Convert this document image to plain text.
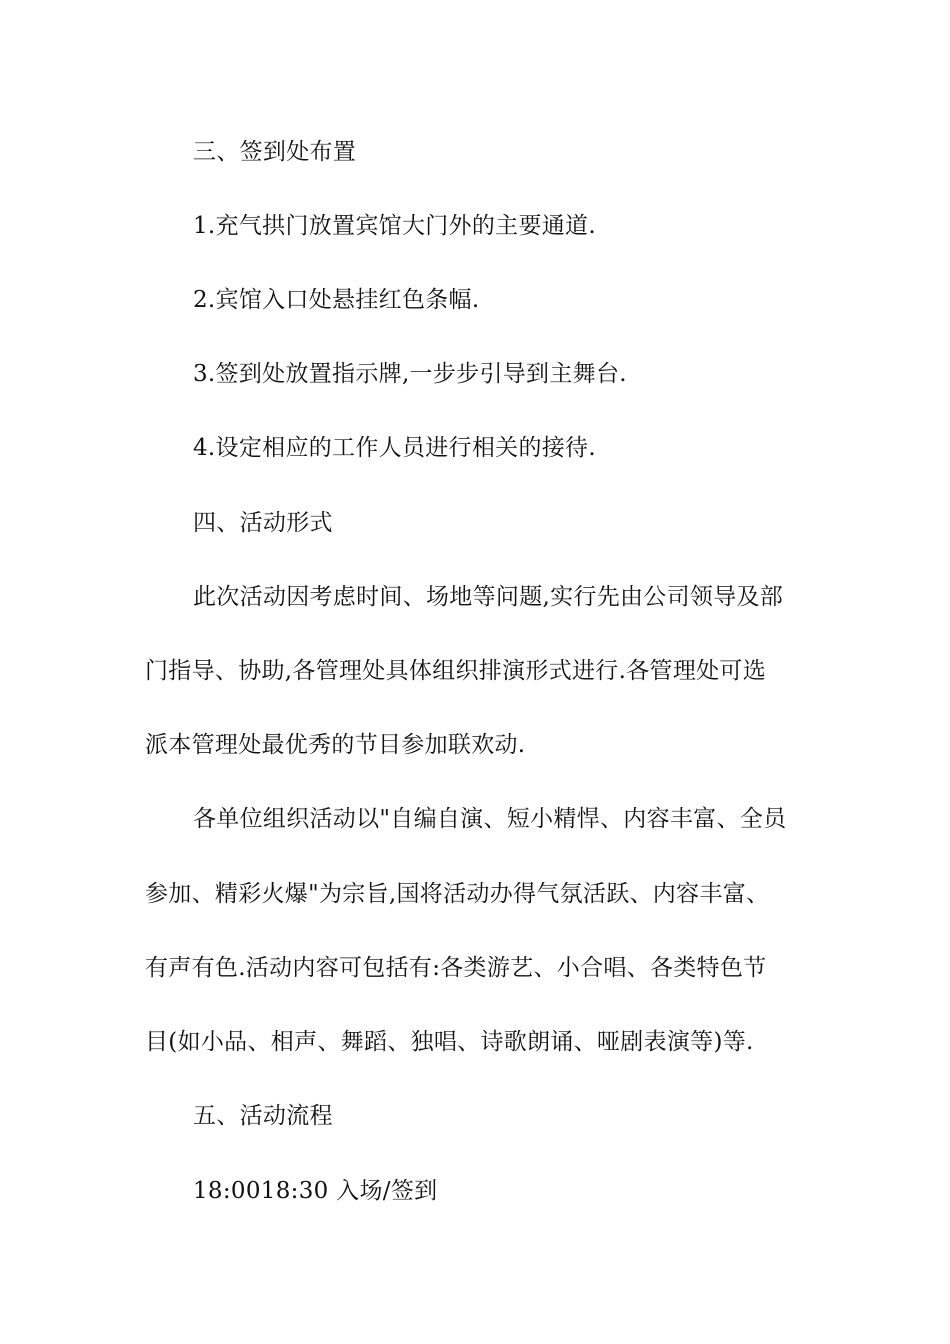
三、签到处布置
1.充气拱门放置宾馆大门外的主要通道.
2.宾馆入口处悬挂红色条幅.
3.签到处放置指示牌,一步步引导到主舞台.
4.设定相应的工作人员进行相关的接待.
四、活动形式
此次活动因考虑时间、场地等问题,实行先由公司领导及部
门指导、协助,各管理处具体组织排演形式进行.各管理处可选
派本管理处最优秀的节目参加联欢动.
各单位组织活动以"自编自演、短小精悍、内容丰富、全员
参加、精彩火爆"为宗旨,国将活动办得气氛活跃、内容丰富、
有声有色.活动内容可包括有:各类游艺、小合唱、各类特色节
目(如小品、相声、舞蹈、独唱、诗歌朗诵、哑剧表演等)等.
五、活动流程
18:0018:30 入场/签到
